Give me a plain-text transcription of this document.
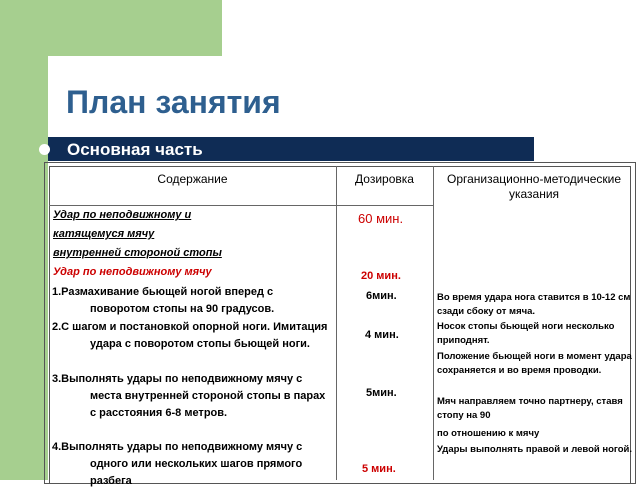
План занятия
Основная часть
Содержание	Дозировка	Организационно-методические указания
Удар по неподвижному и
катящемуся мячу
внутренней стороной стопы
Удар по неподвижному мячу
1.Размахивание бьющей ногой вперед с поворотом стопы на 90 градусов.
2.С шагом и постановкой опорной ноги. Имитация удара с поворотом стопы бьющей ноги.
3.Выполнять удары по неподвижному мячу с места внутренней стороной стопы в парах с расстояния 6-8 метров.
4.Выполнять удары по неподвижному мячу с одного или нескольких шагов прямого разбега
60 мин.
20 мин.
6мин.
4 мин.
5мин.
5 мин.
Во время удара нога ставится в 10-12 см сзади сбоку от мяча.
Носок стопы бьющей ноги несколько приподнят.
Положение бьющей ноги в момент удара сохраняется и во время проводки.
Мяч направляем точно партнеру, ставя стопу на 90
по отношению к мячу
Удары выполнять правой и левой ногой.
